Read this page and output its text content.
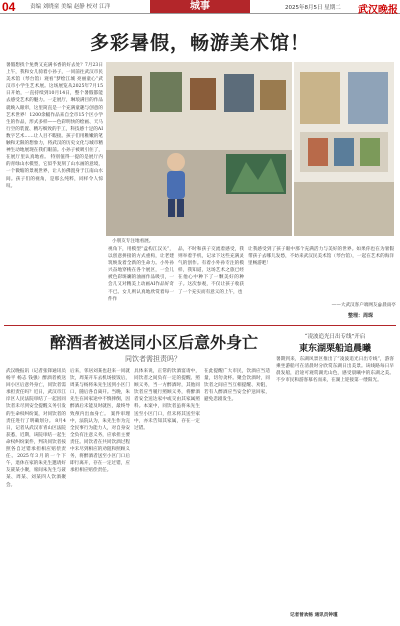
04	责编 刘晓童 美编 赵静 校对 江洋	城事	2025年8月5日 星期二 武汉晚报
多彩暑假，畅游美术馆！
暑假想找个免费又充满书香的好去处？7月23日上午，我和女儿骑着小孙子，一同前往武汉市民美术馆（琴台馆）观看“梦绘江城 亮丽童心”武汉市小学生艺术展。这场展览从2025年7月15日开始，一直持续到10月14日，整个暑假都能去感受艺术的魅力。一走展厅，琳琅满目的作品就映入眼帘，这里简直是一个充满童趣与创意的艺术世界！1200余幅作品来自全市15个区小学生的作品，形式多样——色彩明快的绘画、天马行空的装置、精巧细致的手工，科技感十足的AI数字艺术……让人目不暇接。孩子们用稚嫩的笔触和无限的想象力，将武汉的历史文化与城市精神生动地展现在我们眼前。小孙子被吸引住了，在展厅里认真地看。 特别值得一提的是展厅内的青绿山水模型，它似乎复刻了山水画的意境，一个微缩的景观世界，让人仿佛置身于江南山水间。孩子们的视角，是那么纯粹，同样令人惊叹。
小朋友专注地看展。
视角下，用模型“盒构江汉关”，以创意拼接的方式重构，让老建筑焕发着全新的生命力。小外孙兴奋地穿梭在各个展区，一会儿被色彩斑斓的油画作品吸引，一会儿又对精美上动画AI作品好奇不已。女儿则认真地欣赏着每一件作
品，不时和孩子交流着感受，我则举着手机，记录下这些充满灵气的创作。有着小外孙专注的模样，我知道，这场艺术之旅已经在他心中种下了一颗美好的种子。这次参观，不仅让孩子收获了一个充实而有意义的上午，也
让我感受到了孩子眼中那个充满活力与美好的世界。如果你也在为暑假带孩子去哪儿发愁，不妨来武汉民美术馆（琴台馆），一起在艺术的海洋里畅游吧！
——大武汉客户端网友@晨雨亭
整理：周琛
醉酒者被送同小区后意外身亡
同饮者需担责吗？
“凌波追光日出专线”开启
東东湖栗船追晨曦
武汉晚报讯（记者张锋通讯员杨平 杨志 钱强）醉酒者被送回小区后意外身亡，同饮者需承担责任吗？近日，武汉市江岸区人民法院审结了一起因同饮者未尽到安全提醒义务引发的生命权纠纷案，对同饮者的责任进行了明确划分。 8月4日，记者从武汉市青山区法院获悉，近期，该院审结一起生命权纠纷案件，判决同饮者按照各自过错承担相应赔偿责任。2025年3月的一个下午，退休在家的朱先生邀请好友聂某小聚，席间朱先生与聂某、周某、刘某四人饮酒聚会。
后来，邻居刘某也赶来一同就饮，周某开车去机场接饭后，周某与杨将朱先生送到小区门口，随后各自离开。当晚，朱先生在回家途中不慎摔倒，因醉酒后未能及时就医，最终导致颅内出血身亡。 案件审理中，法院认为，朱先生作为完全民事行为能力人，对自身安全负有注意义务，应承担主要责任。同饮者在共同饮酒过程中未尽到相应的劝阻和照顾义务，将醉酒者送至小区门口后即行离开，存在一定过错，应承担相应赔偿责任。
具体来说，正常的饮酒宴请中，同饮者之间负有一定的提醒、照顾义务，当一方醉酒时，其他同饮者应当履行照顾义务，将醉酒者安全送达家中或交由其家属照料。本案中，同饮者虽将朱先生送至小区门口，但未将其送至家中，亦未告知其家属，存在一定过错。
在此提醒广大市民，饮酒应当适量，切勿贪杯。聚会饮酒时，同饮者之间应当互相提醒、劝阻，若有人醉酒应当安全护送回家，避免悲剧发生。
暑期到来，东湖风景区推出了“凌波追光日出专线”，游客乘坐游船可在清晨时分欣赏东湖日出美景。该线路每日早晨发船，沿途可观赏湖光山色，感受晨曦中的东湖之美。不少市民和游客慕名而来，在湖上迎接第一缕阳光。
记者曾欢畅 通讯员钟瑾
